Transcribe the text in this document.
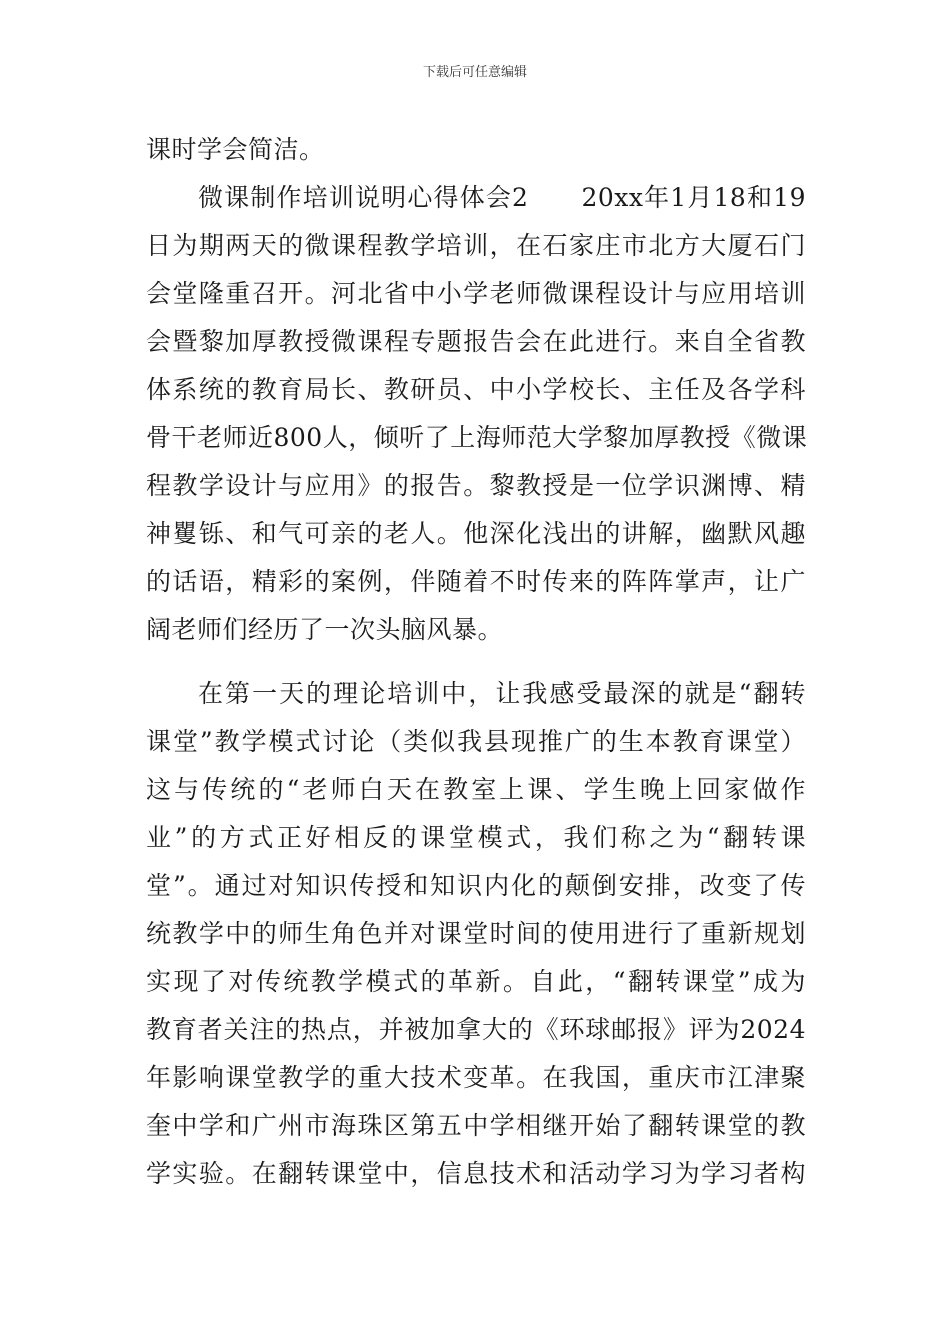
下载后可任意编辑
课时学会简洁。
微课制作培训说明心得体会2　　20xx年1月18和19
日为期两天的微课程教学培训，在石家庄市北方大厦石门
会堂隆重召开。河北省中小学老师微课程设计与应用培训
会暨黎加厚教授微课程专题报告会在此进行。来自全省教
体系统的教育局长、教研员、中小学校长、主任及各学科
骨干老师近800人，倾听了上海师范大学黎加厚教授《微课
程教学设计与应用》的报告。黎教授是一位学识渊博、精
神矍铄、和气可亲的老人。他深化浅出的讲解，幽默风趣
的话语，精彩的案例，伴随着不时传来的阵阵掌声，让广
阔老师们经历了一次头脑风暴。
在第一天的理论培训中，让我感受最深的就是“翻转
课堂”教学模式讨论（类似我县现推广的生本教育课堂）
这与传统的“老师白天在教室上课、学生晚上回家做作
业”的方式正好相反的课堂模式，我们称之为“翻转课
堂”。通过对知识传授和知识内化的颠倒安排，改变了传
统教学中的师生角色并对课堂时间的使用进行了重新规划
实现了对传统教学模式的革新。自此，“翻转课堂”成为
教育者关注的热点，并被加拿大的《环球邮报》评为2024
年影响课堂教学的重大技术变革。在我国，重庆市江津聚
奎中学和广州市海珠区第五中学相继开始了翻转课堂的教
学实验。在翻转课堂中，信息技术和活动学习为学习者构
